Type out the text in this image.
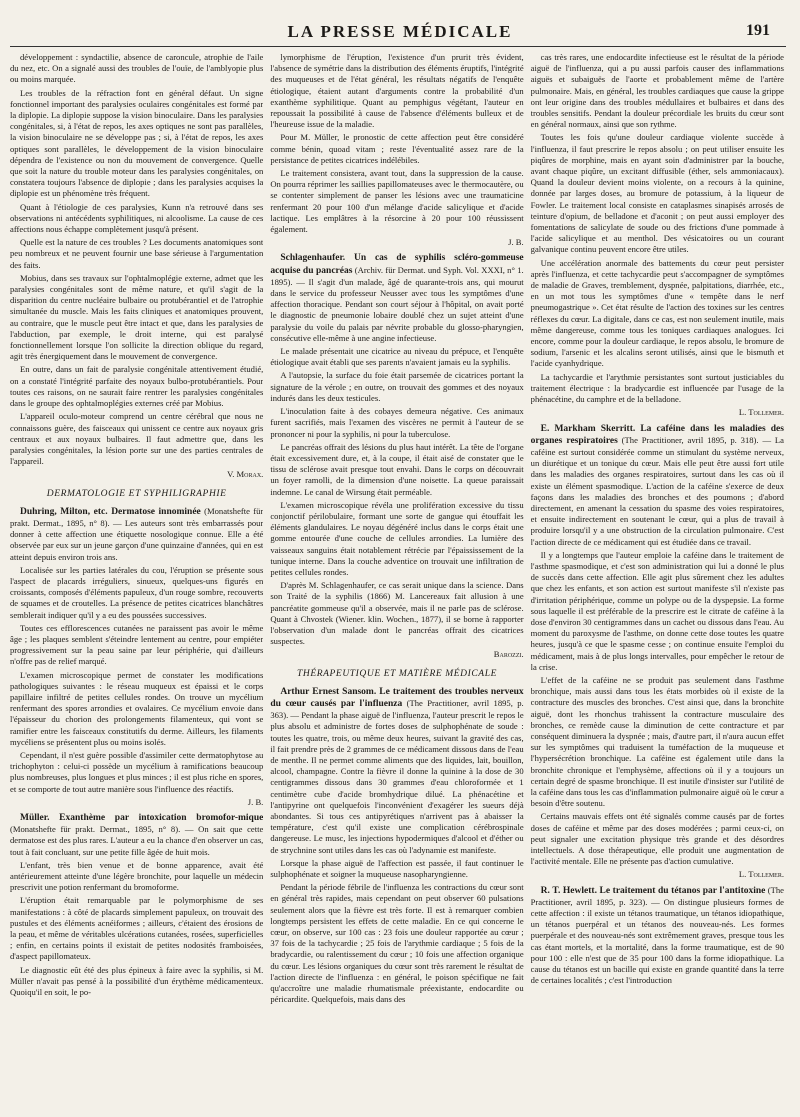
LA PRESSE MÉDICALE	191

développement : syndactilie, absence de caroncule, atrophie de l'aile du nez, etc. On a signalé aussi des troubles de l'ouïe, de l'amblyopie plus ou moins marquée.

Les troubles de la réfraction font en général défaut. Un signe fonctionnel important des paralysies oculaires congénitales est formé par la diplopie. La diplopie suppose la vision binoculaire. Dans les paralysies congénitales, si, à l'état de repos, les axes optiques ne sont pas parallèles, la vision binoculaire ne se développe pas ; si, à l'état de repos, les axes optiques sont parallèles, le développement de la vision binoculaire dépendra de l'existence ou non du mouvement de convergence. Quelle que soit la nature du trouble moteur dans les paralysies congénitales, on constatera toujours l'absence de diplopie ; dans les paralysies acquises la diplopie est un phénomène très fréquent.

Quant à l'étiologie de ces paralysies, Kunn n'a retrouvé dans ses observations ni antécédents syphilitiques, ni alcoolisme. La cause de ces affections nous échappe complètement jusqu'à présent.

Quelle est la nature de ces troubles ? Les documents anatomiques sont peu nombreux et ne peuvent fournir une base sérieuse à l'argumentation des faits.

Mobius, dans ses travaux sur l'ophtalmoplégie externe, admet que les paralysies congénitales sont de même nature, et qu'il s'agit de la disparition du centre nucléaire bulbaire ou protubérantiel et de l'atrophie simultanée du muscle. Mais les faits cliniques et anatomiques prouvent, au contraire, que le muscle peut être intact et que, dans les paralysies de l'abduction, par exemple, le droit interne, qui est paralysé fonctionnellement lorsque l'on sollicite la direction oblique du regard, agit très énergiquement dans le mouvement de convergence.

En outre, dans un fait de paralysie congénitale attentivement étudié, on a constaté l'intégrité parfaite des noyaux bulbo-protubérantiels. Pour toutes ces raisons, on ne saurait faire rentrer les paralysies congénitales dans le groupe des ophtalmoplégies externes créé par Mobius.

L'appareil oculo-moteur comprend un centre cérébral que nous ne connaissons guère, des faisceaux qui unissent ce centre aux noyaux gris centraux et aux noyaux bulbaires. Il faut admettre que, dans les paralysies congénitales, la lésion porte sur une des parties centrales de l'appareil.

V. Morax.
DERMATOLOGIE ET SYPHILIGRAPHIE

Duhring, Milton, etc. Dermatose innominée (Monatshefte für prakt. Dermat., 1895, n° 8). — Les auteurs sont très embarrassés pour donner à cette affection une étiquette nosologique connue. Elle a été observée par eux sur un jeune garçon d'une quinzaine d'années, qui en est atteint depuis environ trois ans.

Localisée sur les parties latérales du cou, l'éruption se présente sous l'aspect de placards irréguliers, sinueux, quelques-uns figurés en croissants, composés d'éléments papuleux, d'un rouge sombre, recouverts de squames et de croutelles. La présence de petites cicatrices blanchâtres semblerait indiquer qu'il y a eu des poussées successives.

Toutes ces efflorescences cutanées ne paraissent pas avoir le même âge ; les plaques semblent s'éteindre lentement au centre, pour empiéter progressivement sur la peau saine par leur périphérie, qui d'ailleurs n'offre pas de relief marqué.

L'examen microscopique permet de constater les modifications pathologiques suivantes : le réseau muqueux est épaissi et le corps papillaire infiltré de petites cellules rondes. On trouve un mycélium renfermant des spores arrondies et ovalaires. Ce mycélium envoie dans l'épaisseur du chorion des prolongements filamenteux, qui vont se ramifier entre les faisceaux constitutifs du derme. Ailleurs, les filaments mycéliens se présentent plus ou moins isolés.

Cependant, il n'est guère possible d'assimiler cette dermatophytose au trichophyton : celui-ci possède un mycélium à ramifications beaucoup plus nombreuses, plus longues et plus minces ; il est plus riche en spores, et se comporte de tout autre manière sous l'influence des réactifs.

J. B.

Müller. Exanthème par intoxication bromofor-mique (Monatshefte für prakt. Dermat., 1895, n° 8). — On sait que cette dermatose est des plus rares. L'auteur a eu la chance d'en observer un cas, tout à fait concluant, sur une petite fille âgée de huit mois.

L'enfant, très bien venue et de bonne apparence, avait été antérieurement atteinte d'une légère bronchite, pour laquelle un médecin prescrivit une potion renfermant du bromoforme.

L'éruption était remarquable par le polymorphisme de ses manifestations : à côté de placards simplement papuleux, on trouvait des pustules et des éléments acnéiformes ; ailleurs, c'étaient des érosions de la peau, et même de véritables ulcérations cutanées, rosées, superficielles ; enfin, en certains points il existait de petites nodosités framboisées, d'aspect papillomateux.

Le diagnostic eût été des plus épineux à faire avec la syphilis, si M. Müller n'avait pas pensé à la possibilité d'un érythème médicamenteux. Quoiqu'il en soit, le po-

lymorphisme de l'éruption, l'existence d'un prurit très évident, l'absence de symétrie dans la distribution des éléments éruptifs, l'intégrité des muqueuses et de l'état général, les résultats négatifs de l'enquête étiologique, étaient autant d'arguments contre la probabilité d'un exanthème syphilitique. Quant au pemphigus végétant, l'auteur en repoussait la possibilité à cause de l'absence d'éléments bulleux et de l'heureuse issue de la maladie.

Pour M. Müller, le pronostic de cette affection peut être considéré comme bénin, quoad vitam ; reste l'éventualité assez rare de la persistance de petites cicatrices indélébiles.

Le traitement consistera, avant tout, dans la suppression de la cause. On pourra réprimer les saillies papillomateuses avec le thermocautère, ou se contenter simplement de panser les lésions avec une traumaticine renfermant 20 pour 100 d'un mélange d'acide salicylique et d'acide lactique. Les emplâtres à la résorcine à 20 pour 100 réussissent également.

J. B.

Schlagenhaufer. Un cas de syphilis scléro-gommeuse acquise du pancréas (Archiv. für Dermat. und Syph. Vol. XXXI, n° 1. 1895). — Il s'agit d'un malade, âgé de quarante-trois ans, qui mourut dans le service du professeur Neusser avec tous les symptômes d'une affection thoracique. Pendant son court séjour à l'hôpital, on avait porté le diagnostic de pneumonie lobaire doublé chez un sujet atteint d'une paralysie du voile du palais par névrite probable du glosso-pharyngien, consécutive elle-même à une angine infectieuse.

Le malade présentait une cicatrice au niveau du prépuce, et l'enquête étiologique avait établi que ses parents n'avaient jamais eu la syphilis.

A l'autopsie, la surface du foie était parsemée de cicatrices portant la signature de la vérole ; en outre, on trouvait des gommes et des noyaux indurés dans les deux testicules.

L'inoculation faite à des cobayes demeura négative. Ces animaux furent sacrifiés, mais l'examen des viscères ne permit à l'auteur de se prononcer ni pour la syphilis, ni pour la tuberculose.

Le pancréas offrait des lésions du plus haut intérêt. La tête de l'organe était excessivement dure, et, à la coupe, il était aisé de constater que le tissu de sclérose avait presque tout envahi. Dans le corps on découvrait un foyer ramolli, de la dimension d'une noisette. La queue paraissait indemne. Le canal de Wirsung était perméable.

L'examen microscopique révéla une prolifération excessive du tissu conjonctif périlobulaire, formant une sorte de gangue qui étouffait les éléments glandulaires. Le noyau dégénéré inclus dans le corps était une gomme entourée d'une couche de cellules arrondies. La lumière des vaisseaux sanguins était notablement rétrécie par l'épaississement de la tunique interne. Dans la couche adventice on trouvait une infiltration de petites cellules rondes.

D'après M. Schlagenhaufer, ce cas serait unique dans la science. Dans son Traité de la syphilis (1866) M. Lancereaux fait allusion à une pancréatite gommeuse qu'il a observée, mais il ne parle pas de sclérose. Quant à Chvostek (Wiener. klin. Wochen., 1877), il se borne à rapporter l'observation d'un malade dont le pancréas offrait des cicatrices suspectes.

Barozzi.
THÉRAPEUTIQUE ET MATIÈRE MÉDICALE

Arthur Ernest Sansom. Le traitement des troubles nerveux du cœur causés par l'influenza (The Practitioner, avril 1895, p. 363). — Pendant la phase aiguë de l'influenza, l'auteur prescrit le repos le plus absolu et administre de fortes doses de sulphophénate de soude : toutes les quatre, trois, ou même deux heures, suivant la gravité des cas, il fait prendre près de 2 grammes de ce médicament dissous dans de l'eau de menthe. Il ne permet comme aliments que des liquides, lait, bouillon, alcool, champagne. Contre la fièvre il donne la quinine à la dose de 30 centigrammes dissous dans 30 grammes d'eau chloroformée et 1 centimètre cube d'acide bromhydrique dilué. La phénacétine et l'antipyrine ont quelquefois l'inconvénient d'exagérer les sueurs déjà abondantes. Si tous ces antipyrétiques n'arrivent pas à abaisser la température, c'est qu'il existe une complication cérébrospinale dangereuse. Le musc, les injections hypodermiques d'alcool et d'éther ou de strychnine sont utiles dans les cas où l'adynamie est manifeste.

Lorsque la phase aiguë de l'affection est passée, il faut continuer le sulphophénate et soigner la muqueuse nasopharyngienne.

Pendant la période fébrile de l'influenza les contractions du cœur sont en général très rapides, mais cependant on peut observer 60 pulsations seulement alors que la fièvre est très forte. Il est à remarquer combien longtemps persistent les effets de cette maladie. En ce qui concerne le cœur, on observe, sur 100 cas : 23 fois une douleur rapportée au cœur ; 37 fois de la tachycardie ; 25 fois de l'arythmie cardiaque ; 5 fois de la bradycardie, ou ralentissement du cœur ; 10 fois une affection organique du cœur. Les lésions organiques du cœur sont très rarement le résultat de l'action directe de l'influenza : en général, le poison spécifique ne fait qu'accroître une maladie rhumatismale préexistante, endocardite ou péricardite. Quelquefois, mais dans des

cas très rares, une endocardite infectieuse est le résultat de la période aiguë de l'influenza, qui a pu aussi parfois causer des inflammations aiguës et subaiguës de l'aorte et probablement même de l'artère pulmonaire. Mais, en général, les troubles cardiaques que cause la grippe ont leur origine dans des troubles médullaires et bulbaires et dans des troubles sensitifs. Pendant la douleur précordiale les bruits du cœur sont en général normaux, ainsi que son rythme.

Toutes les fois qu'une douleur cardiaque violente succède à l'influenza, il faut prescrire le repos absolu ; on peut utiliser ensuite les piqûres de morphine, mais en ayant soin d'administrer par la bouche, avant chaque piqûre, un excitant diffusible (éther, sels ammoniacaux). Quand la douleur devient moins violente, on a recours à la quinine, donnée par larges doses, au bromure de potassium, à la liqueur de Fowler. Le traitement local consiste en cataplasmes sinapisés arrosés de teinture d'opium, de belladone et d'aconit ; on peut aussi employer des fomentations de salicylate de soude ou des frictions d'une pommade à l'acide salicylique et au menthol. Des vésicatoires ou un courant galvanique continu peuvent encore être utiles.

Une accélération anormale des battements du cœur peut persister après l'influenza, et cette tachycardie peut s'accompagner de symptômes de maladie de Graves, tremblement, dyspnée, palpitations, diarrhée, etc., en un mot tous les symptômes d'une « tempête dans le nerf pneumogastrique ». Cet état résulte de l'action des toxines sur les centres réflexes du cœur. La digitale, dans ce cas, est non seulement inutile, mais même dangereuse, comme tous les toniques cardiaques analogues. Ici encore, comme pour la douleur cardiaque, le repos absolu, le bromure de sodium, l'arsenic et les alcalins seront utilisés, ainsi que le bismuth et l'acide cyanhydrique.

La tachycardie et l'arythmie persistantes sont surtout justiciables du traitement électrique : la bradycardie est influencée par l'usage de la phénacétine, du camphre et de la belladone.

L. Tollemer.

E. Markham Skerritt. La caféine dans les maladies des organes respiratoires (The Practitioner, avril 1895, p. 318). — La caféine est surtout considérée comme un stimulant du système nerveux, un diurétique et un tonique du cœur. Mais elle peut être aussi fort utile dans les maladies des organes respiratoires, surtout dans les cas où il existe un élément spasmodique. L'action de la caféine s'exerce de deux façons dans les maladies des bronches et des poumons ; d'abord directement, en amenant la cessation du spasme des voies respiratoires, et ensuite indirectement en soutenant le cœur, qui a plus de travail à produire lorsqu'il y a une obstruction de la circulation pulmonaire. C'est l'action directe de ce médicament qui est étudiée dans ce travail.

Il y a longtemps que l'auteur emploie la caféine dans le traitement de l'asthme spasmodique, et c'est son administration qui lui a donné le plus de succès dans cette affection. Elle agit plus sûrement chez les adultes que chez les enfants, et son action est surtout manifeste s'il n'existe pas d'irritation périphérique, comme un polype ou de la dyspepsie. La forme sous laquelle il est préférable de la prescrire est le citrate de caféine à la dose d'environ 30 centigrammes dans un cachet ou dissous dans l'eau. Au moment du paroxysme de l'asthme, on donne cette dose toutes les quatre heures, jusqu'à ce que le spasme cesse ; on continue ensuite l'emploi du médicament, mais à de plus longs intervalles, pour empêcher le retour de la crise.

L'effet de la caféine ne se produit pas seulement dans l'asthme bronchique, mais aussi dans tous les états morbides où il existe de la contracture des muscles des bronches. C'est ainsi que, dans la bronchite aiguë, dont les rhonchus trahissent la contracture musculaire des bronches, ce remède cause la diminution de cette contracture et par conséquent diminuera la dyspnée ; mais, d'autre part, il n'aura aucun effet sur les symptômes qui traduisent la tuméfaction de la muqueuse et l'hypersécrétion bronchique. La caféine est également utile dans la bronchite chronique et l'emphysème, affections où il y a toujours un certain degré de spasme bronchique. Il est inutile d'insister sur l'utilité de la caféine dans tous les cas d'inflammation pulmonaire aiguë où le cœur a besoin d'être soutenu.

Certains mauvais effets ont été signalés comme causés par de fortes doses de caféine et même par des doses modérées ; parmi ceux-ci, on peut signaler une excitation physique très grande et des désordres intellectuels. A dose thérapeutique, elle produit une augmentation de l'activité mentale. Elle ne présente pas d'action cumulative.

L. Tollemer.

R. T. Hewlett. Le traitement du tétanos par l'antitoxine (The Practitioner, avril 1895, p. 323). — On distingue plusieurs formes de cette affection : il existe un tétanos traumatique, un tétanos idiopathique, un tétanos puerpéral et un tétanos des nouveau-nés. Les formes puerpérale et des nouveau-nés sont extrêmement graves, presque tous les cas étant mortels, et la mortalité, dans la forme traumatique, est de 90 pour 100 : elle n'est que de 35 pour 100 dans la forme idiopathique. La cause du tétanos est un bacille qui existe en grande quantité dans la terre de certaines localités ; c'est l'introduction
